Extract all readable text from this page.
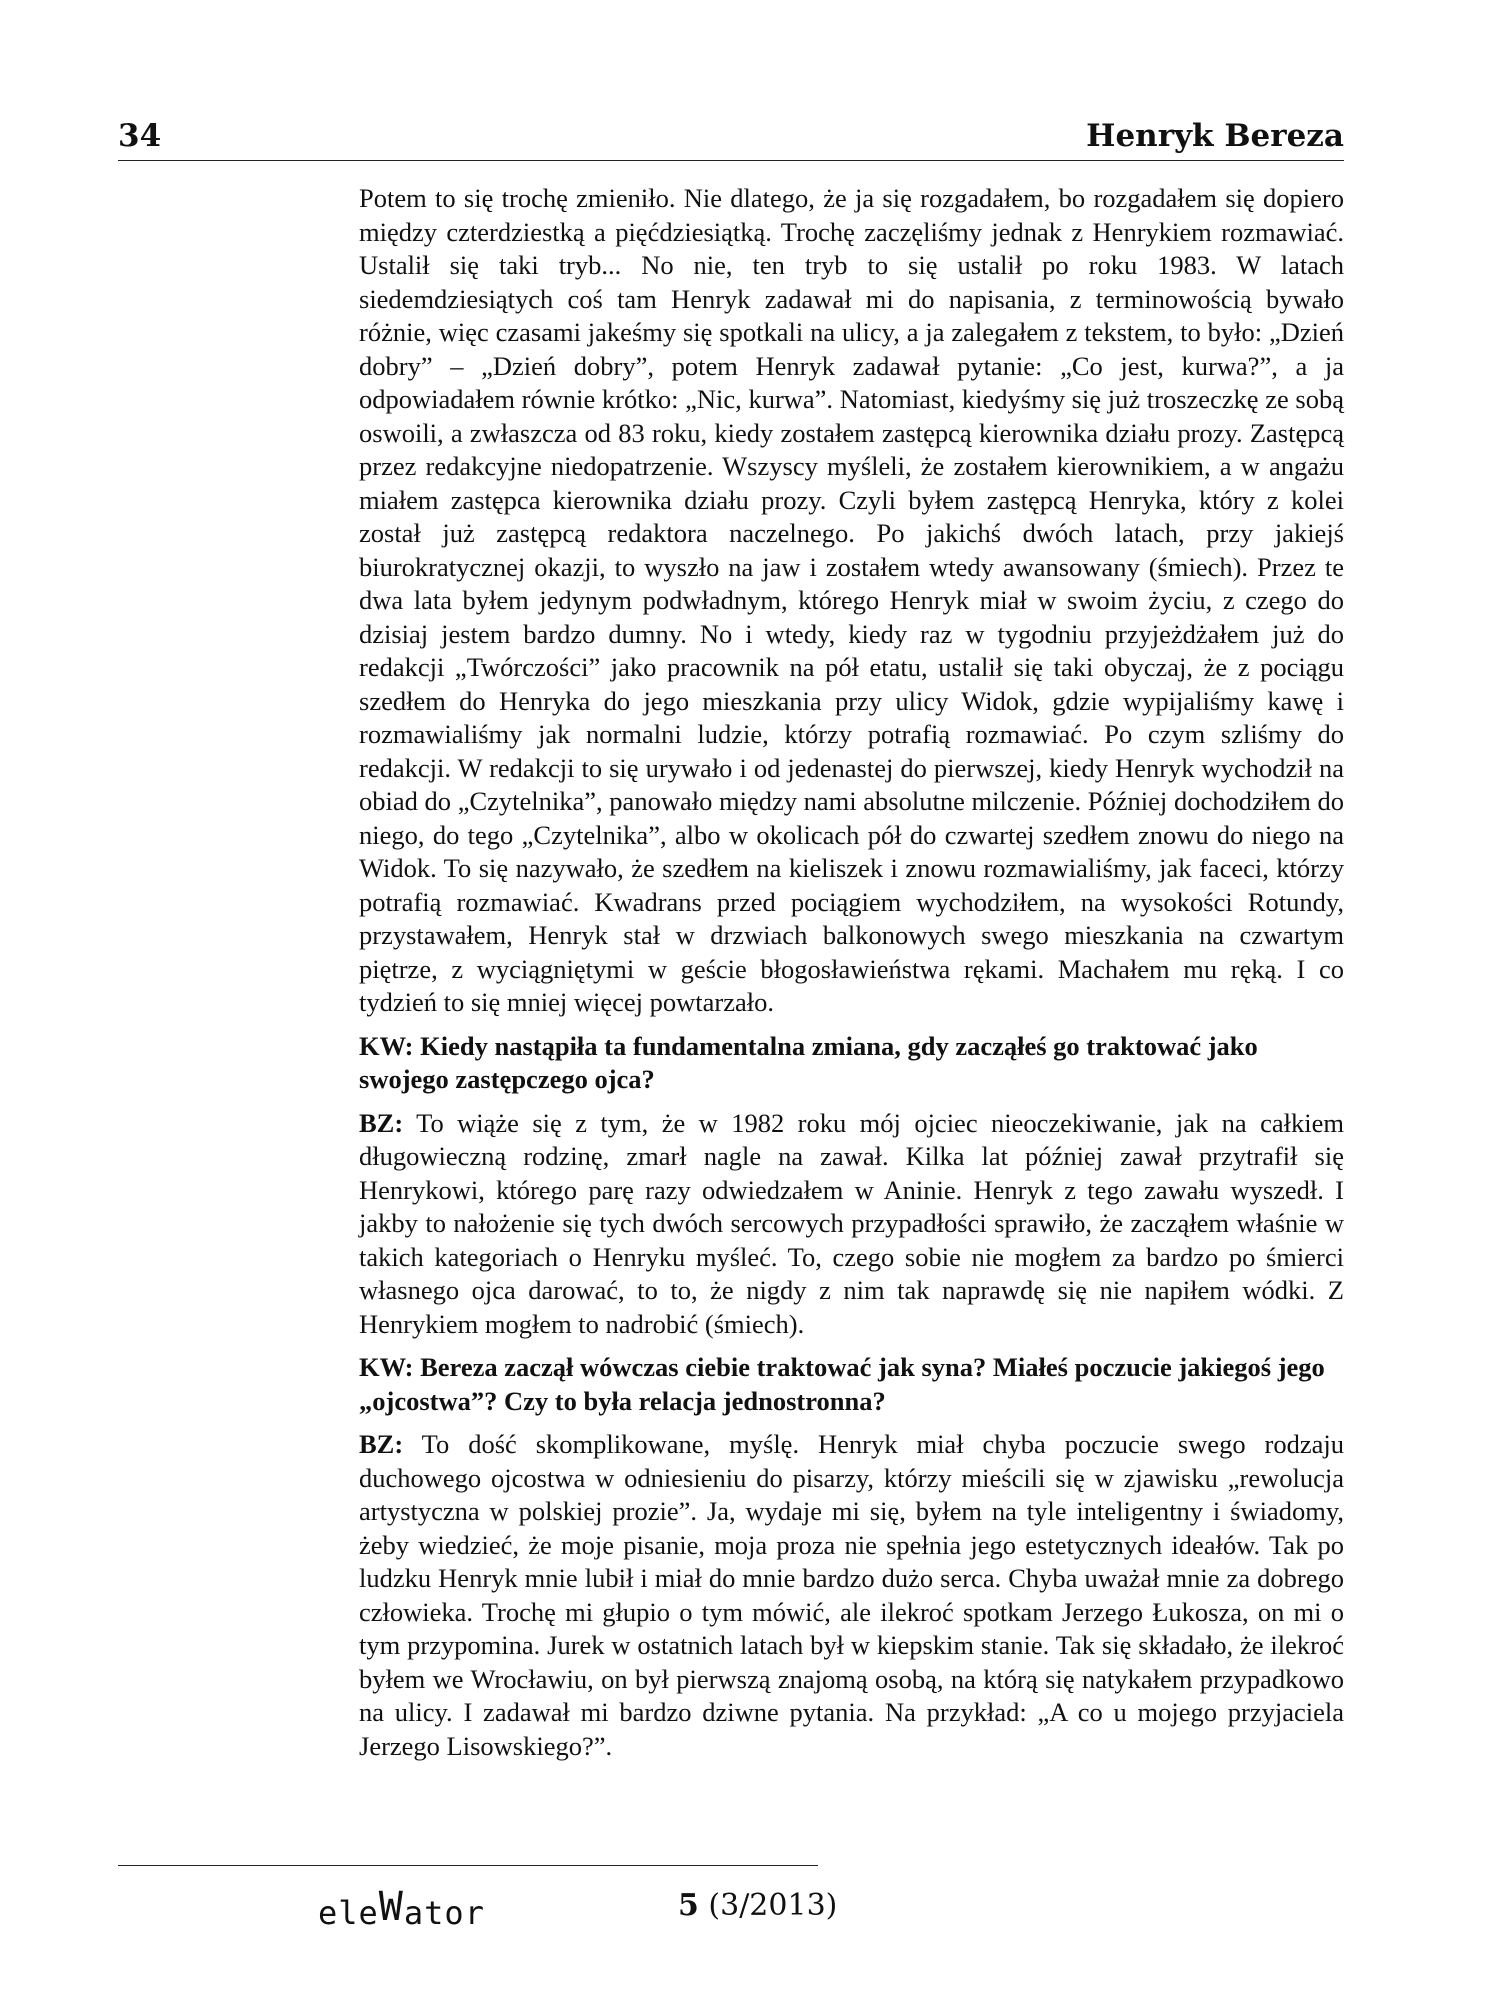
34	Henryk Bereza

Potem to się trochę zmieniło. Nie dlatego, że ja się rozgadałem, bo rozgadałem się dopiero między czterdziestką a pięćdziesiątką. Trochę zaczęliśmy jednak z Henrykiem rozmawiać. Ustalił się taki tryb... No nie, ten tryb to się ustalił po roku 1983. W latach siedemdziesiątych coś tam Henryk zadawał mi do napisania, z terminowością bywało różnie, więc czasami jakeśmy się spotkali na ulicy, a ja zalegałem z tekstem, to było: „Dzień dobry” – „Dzień dobry”, potem Henryk zadawał pytanie: „Co jest, kurwa?”, a ja odpowiadałem równie krótko: „Nic, kurwa”. Natomiast, kiedyśmy się już troszeczkę ze sobą oswoili, a zwłaszcza od 83 roku, kiedy zostałem zastępcą kierownika działu prozy. Zastępcą przez redakcyjne niedopatrzenie. Wszyscy myśleli, że zostałem kierownikiem, a w angażu miałem zastępca kierownika działu prozy. Czyli byłem zastępcą Henryka, który z kolei został już zastępcą redaktora naczelnego. Po jakichś dwóch latach, przy jakiejś biurokratycznej okazji, to wyszło na jaw i zostałem wtedy awansowany (śmiech). Przez te dwa lata byłem jedynym podwładnym, którego Henryk miał w swoim życiu, z czego do dzisiaj jestem bardzo dumny. No i wtedy, kiedy raz w tygodniu przyjeżdżałem już do redakcji „Twórczości” jako pracownik na pół etatu, ustalił się taki obyczaj, że z pociągu szedłem do Henryka do jego mieszkania przy ulicy Widok, gdzie wypijaliśmy kawę i rozmawialiśmy jak normalni ludzie, którzy potrafią rozmawiać. Po czym szliśmy do redakcji. W redakcji to się urywało i od jedenastej do pierwszej, kiedy Henryk wychodził na obiad do „Czytelnika”, panowało między nami absolutne milczenie. Później dochodziłem do niego, do tego „Czytelnika”, albo w okolicach pół do czwartej szedłem znowu do niego na Widok. To się nazywało, że szedłem na kieliszek i znowu rozmawialiśmy, jak faceci, którzy potrafią rozmawiać. Kwadrans przed pociągiem wychodziłem, na wysokości Rotundy, przystawałem, Henryk stał w drzwiach balkonowych swego mieszkania na czwartym piętrze, z wyciągniętymi w geście błogosławieństwa rękami. Machałem mu ręką. I co tydzień to się mniej więcej powtarzało.

KW: Kiedy nastąpiła ta fundamentalna zmiana, gdy zacząłeś go traktować jako swojego zastępczego ojca?

BZ: To wiąże się z tym, że w 1982 roku mój ojciec nieoczekiwanie, jak na całkiem długowieczną rodzinę, zmarł nagle na zawał. Kilka lat później zawał przytrafił się Henrykowi, którego parę razy odwiedzałem w Aninie. Henryk z tego zawału wyszedł. I jakby to nałożenie się tych dwóch sercowych przypadłości sprawiło, że zacząłem właśnie w takich kategoriach o Henryku myśleć. To, czego sobie nie mogłem za bardzo po śmierci własnego ojca darować, to to, że nigdy z nim tak naprawdę się nie napiłem wódki. Z Henrykiem mogłem to nadrobić (śmiech).

KW: Bereza zaczął wówczas ciebie traktować jak syna? Miałeś poczucie jakiegoś jego „ojcostwa”? Czy to była relacja jednostronna?

BZ: To dość skomplikowane, myślę. Henryk miał chyba poczucie swego rodzaju duchowego ojcostwa w odniesieniu do pisarzy, którzy mieścili się w zjawisku „rewolucja artystyczna w polskiej prozie”. Ja, wydaje mi się, byłem na tyle inteligentny i świadomy, żeby wiedzieć, że moje pisanie, moja proza nie spełnia jego estetycznych ideałów. Tak po ludzku Henryk mnie lubił i miał do mnie bardzo dużo serca. Chyba uważał mnie za dobrego człowieka. Trochę mi głupio o tym mówić, ale ilekroć spotkam Jerzego Łukosza, on mi o tym przypomina. Jurek w ostatnich latach był w kiepskim stanie. Tak się składało, że ilekroć byłem we Wrocławiu, on był pierwszą znajomą osobą, na którą się natykałem przypadkowo na ulicy. I zadawał mi bardzo dziwne pytania. Na przykład: „A co u mojego przyjaciela Jerzego Lisowskiego?”.

eleWator	5 (3/2013)
